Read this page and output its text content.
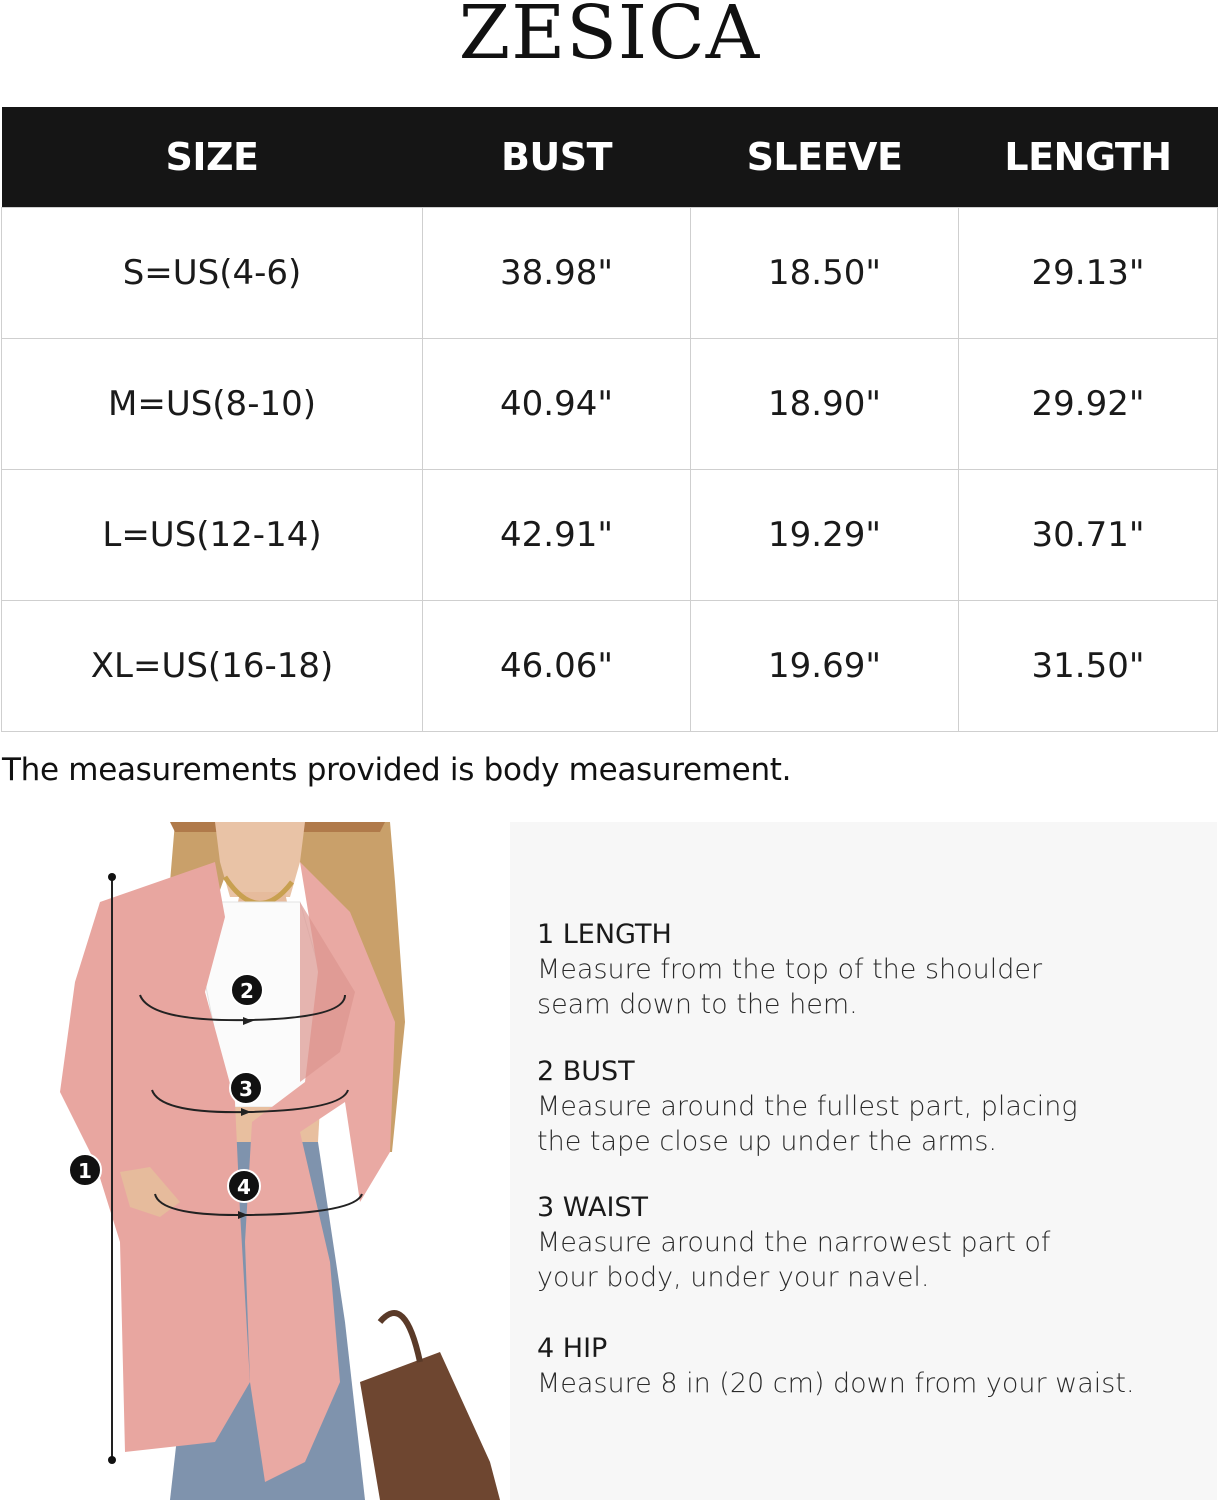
ZESICA
SIZE	BUST	SLEEVE	LENGTH
S=US(4-6)	38.98"	18.50"	29.13"
M=US(8-10)	40.94"	18.90"	29.92"
L=US(12-14)	42.91"	19.29"	30.71"
XL=US(16-18)	46.06"	19.69"	31.50"
The measurements provided is body measurement.
2
3
4
1
1 LENGTH
Measure from the top of the shoulder
seam down to the hem.
2 BUST
Measure around the fullest part, placing
the tape close up under the arms.
3 WAIST
Measure around the narrowest part of
your body, under your navel.
4 HIP
Measure 8 in (20 cm) down from your waist.
